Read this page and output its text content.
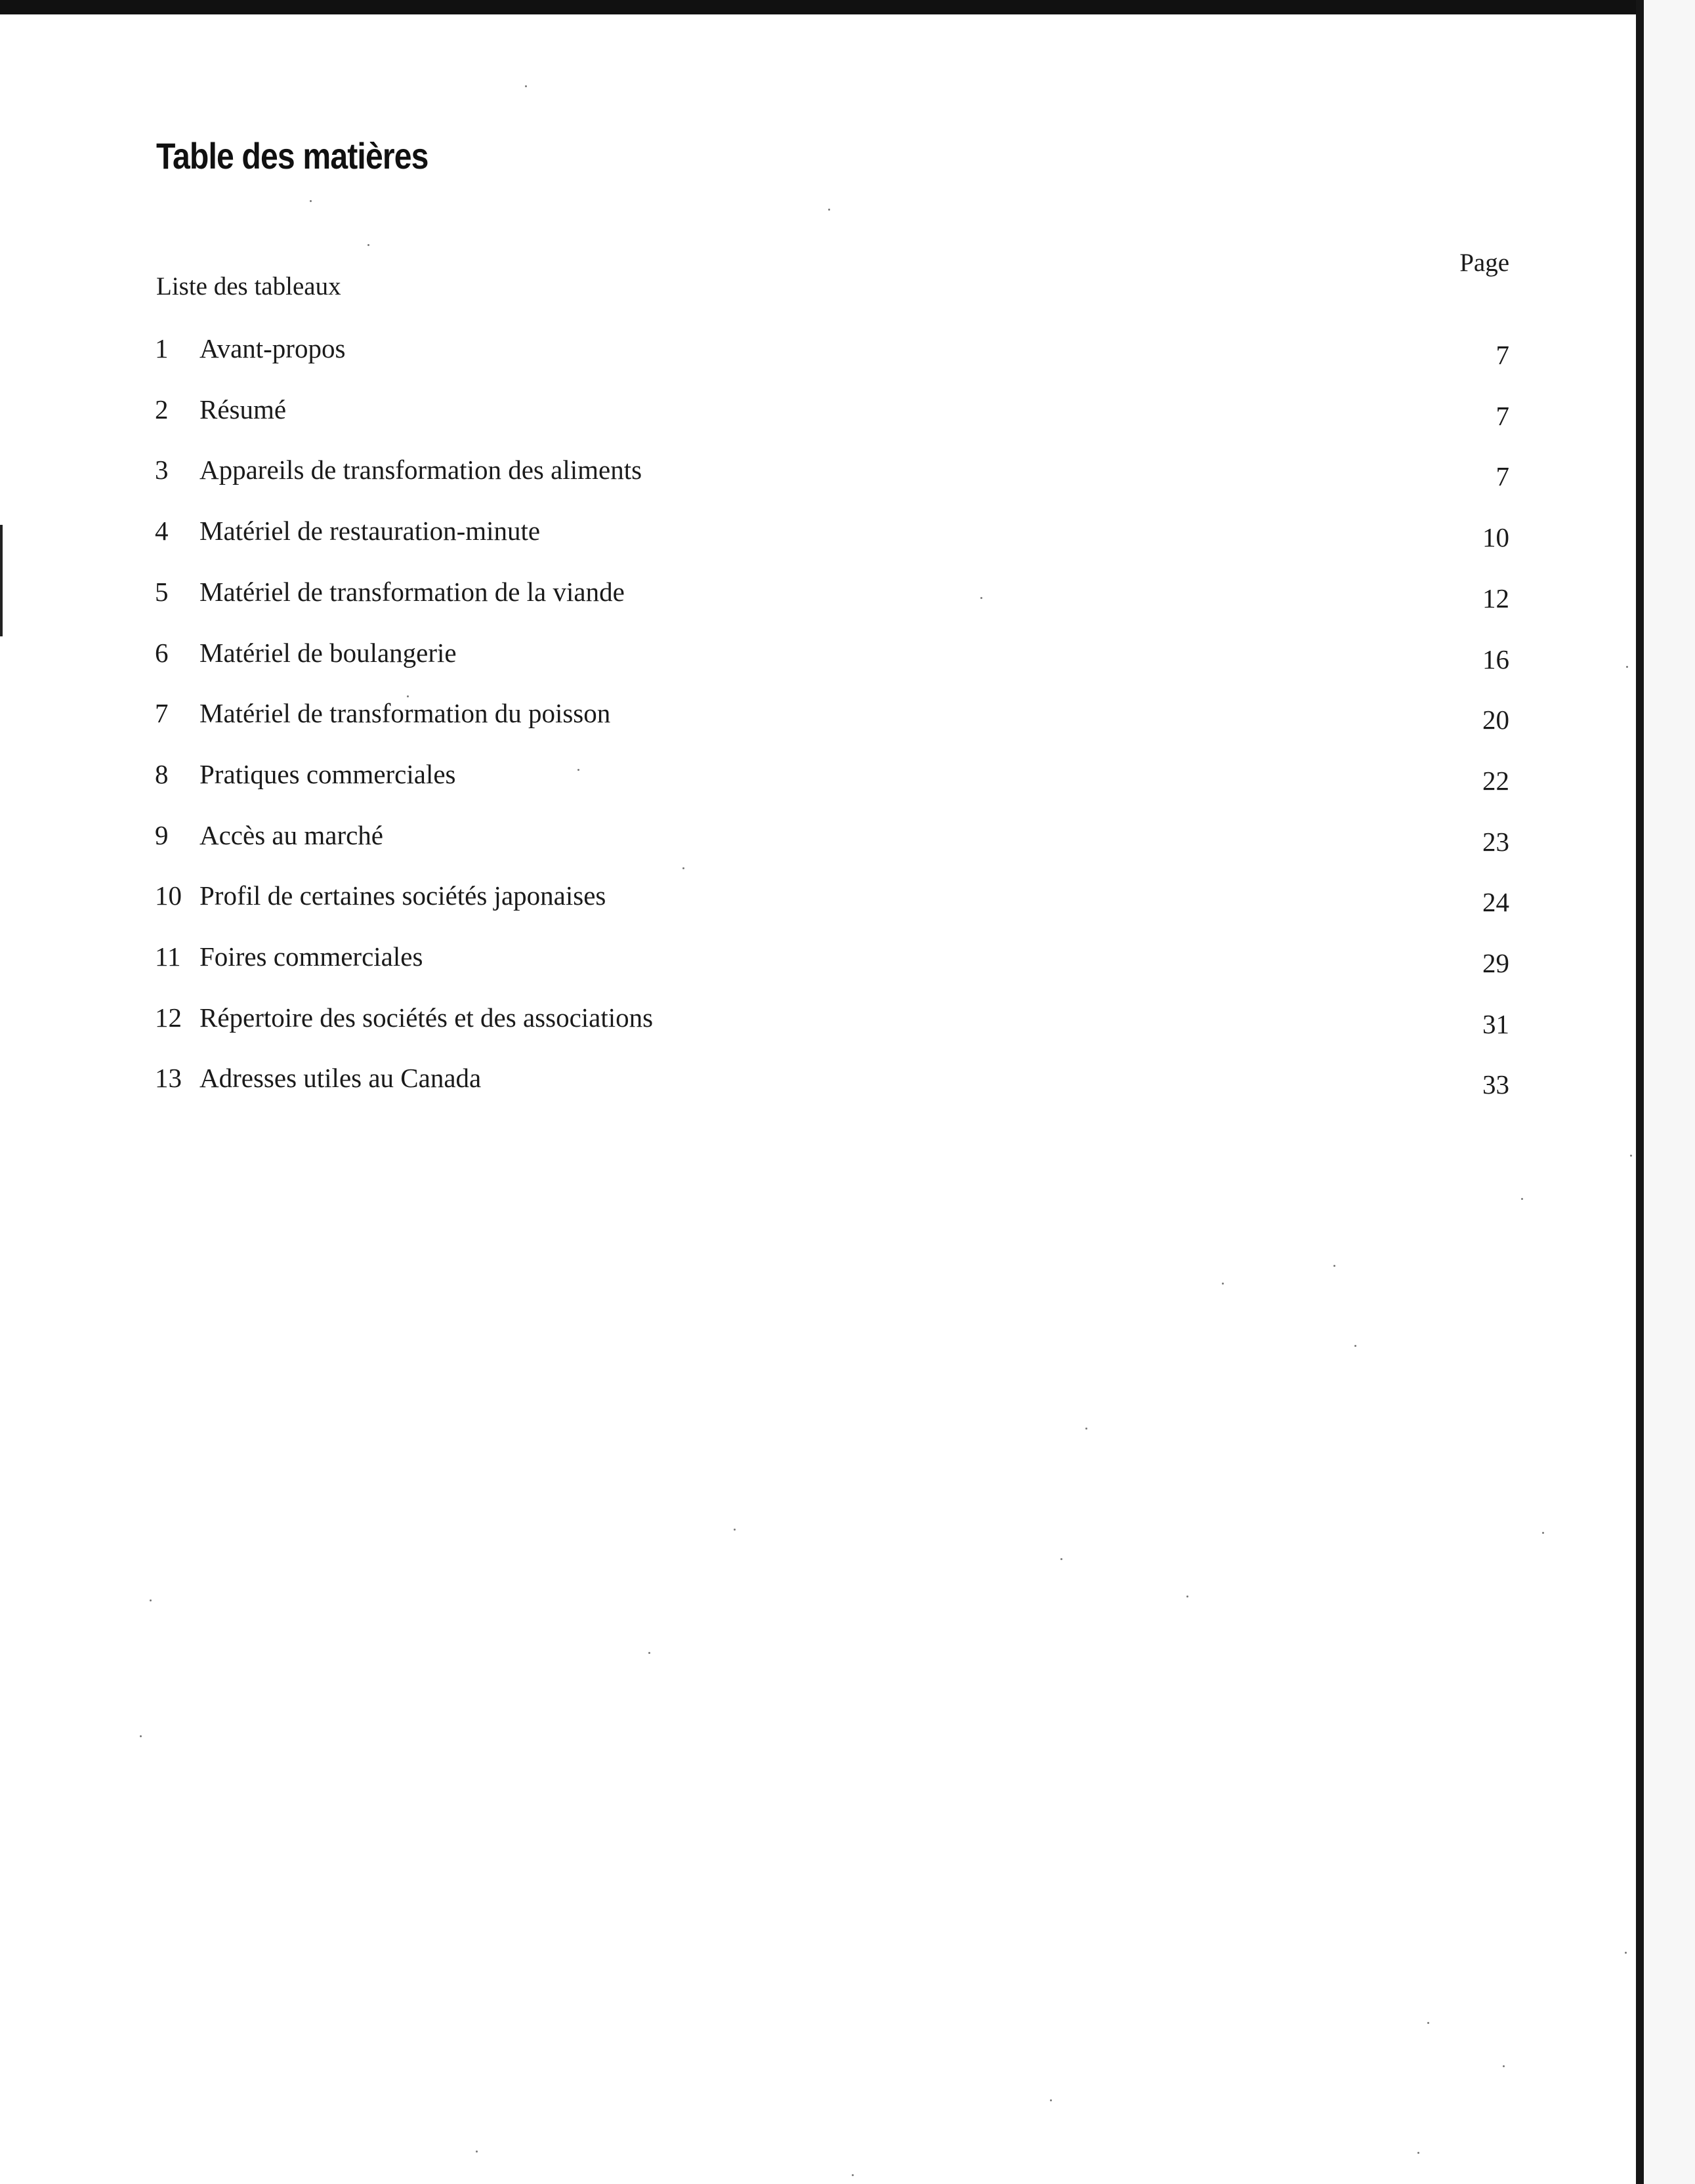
Table des matières
Page
Liste des tableaux
1 Avant-propos	7
2 Résumé	7
3 Appareils de transformation des aliments	7
4 Matériel de restauration-minute	10
5 Matériel de transformation de la viande	12
6 Matériel de boulangerie	16
7 Matériel de transformation du poisson	20
8 Pratiques commerciales	22
9 Accès au marché	23
10 Profil de certaines sociétés japonaises	24
11 Foires commerciales	29
12 Répertoire des sociétés et des associations	31
13 Adresses utiles au Canada	33
